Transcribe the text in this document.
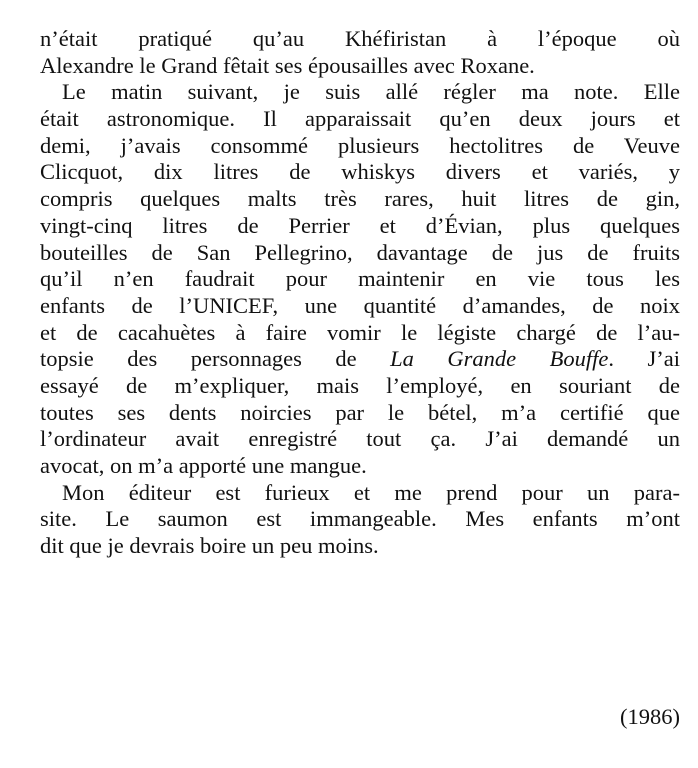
n’était pratiqué qu’au Khéfiristan à l’époque où
Alexandre le Grand fêtait ses épousailles avec Roxane.
Le matin suivant, je suis allé régler ma note. Elle
était astronomique. Il apparaissait qu’en deux jours et
demi, j’avais consommé plusieurs hectolitres de Veuve
Clicquot, dix litres de whiskys divers et variés, y
compris quelques malts très rares, huit litres de gin,
vingt-cinq litres de Perrier et d’Évian, plus quelques
bouteilles de San Pellegrino, davantage de jus de fruits
qu’il n’en faudrait pour maintenir en vie tous les
enfants de l’UNICEF, une quantité d’amandes, de noix
et de cacahuètes à faire vomir le légiste chargé de l’au-
topsie des personnages de La Grande Bouffe. J’ai
essayé de m’expliquer, mais l’employé, en souriant de
toutes ses dents noircies par le bétel, m’a certifié que
l’ordinateur avait enregistré tout ça. J’ai demandé un
avocat, on m’a apporté une mangue.
Mon éditeur est furieux et me prend pour un para-
site. Le saumon est immangeable. Mes enfants m’ont
dit que je devrais boire un peu moins.
(1986)
